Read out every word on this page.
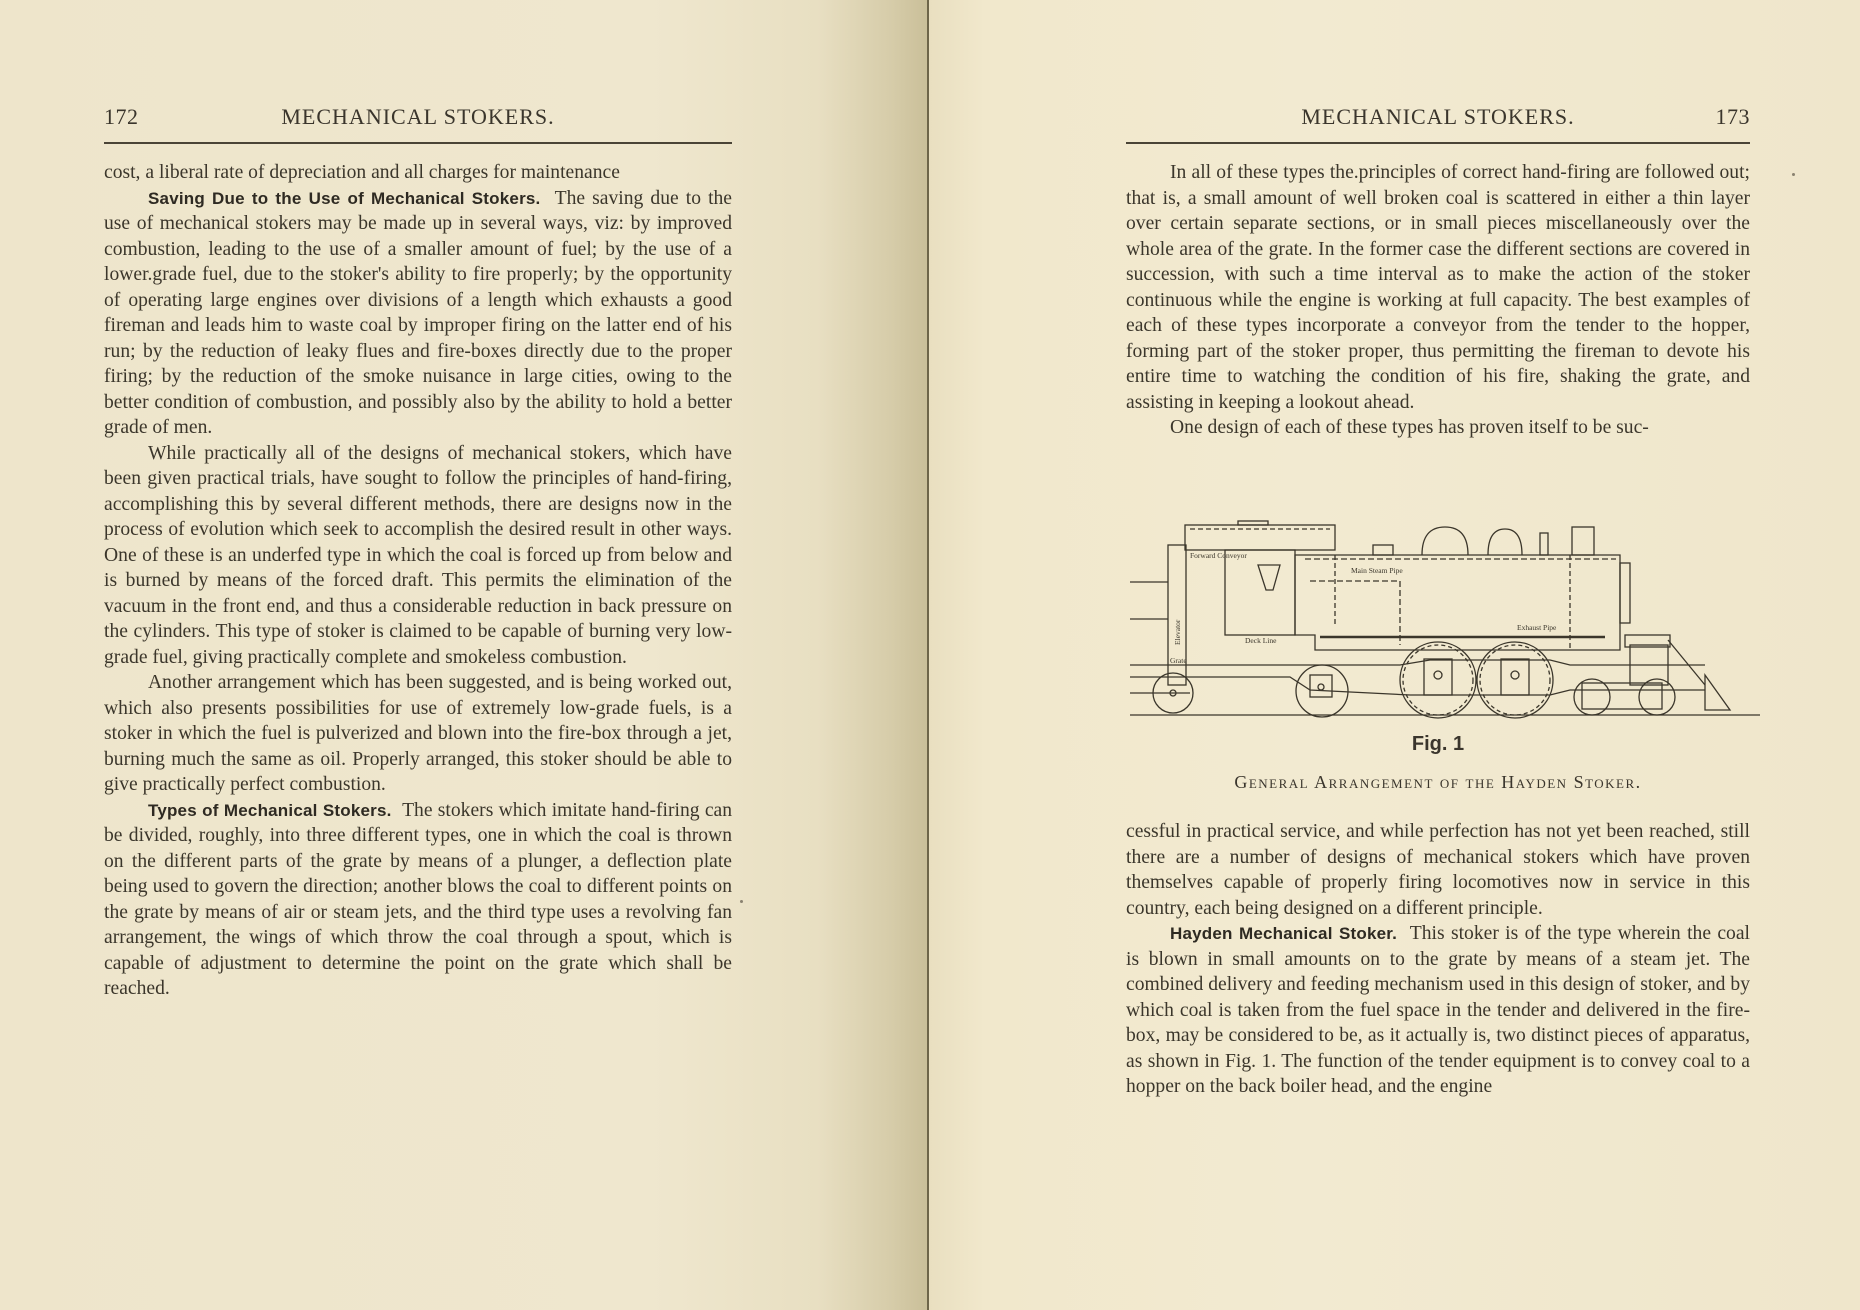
172	MECHANICAL STOKERS.	MECHANICAL STOKERS.	173

cost, a liberal rate of depreciation and all charges for maintenance

Saving Due to the Use of Mechanical Stokers. The saving due to the use of mechanical stokers may be made up in several ways, viz: by improved combustion, leading to the use of a smaller amount of fuel; by the use of a lower.grade fuel, due to the stoker's ability to fire properly; by the opportunity of operating large engines over divisions of a length which exhausts a good fireman and leads him to waste coal by improper firing on the latter end of his run; by the reduction of leaky flues and fire-boxes directly due to the proper firing; by the reduction of the smoke nuisance in large cities, owing to the better condition of combustion, and possibly also by the ability to hold a better grade of men.

While practically all of the designs of mechanical stokers, which have been given practical trials, have sought to follow the principles of hand-firing, accomplishing this by several different methods, there are designs now in the process of evolution which seek to accomplish the desired result in other ways. One of these is an underfed type in which the coal is forced up from below and is burned by means of the forced draft. This permits the elimination of the vacuum in the front end, and thus a considerable reduction in back pressure on the cylinders. This type of stoker is claimed to be capable of burning very low-grade fuel, giving practically complete and smokeless combustion.

Another arrangement which has been suggested, and is being worked out, which also presents possibilities for use of extremely low-grade fuels, is a stoker in which the fuel is pulverized and blown into the fire-box through a jet, burning much the same as oil. Properly arranged, this stoker should be able to give practically perfect combustion.

Types of Mechanical Stokers. The stokers which imitate hand-firing can be divided, roughly, into three different types, one in which the coal is thrown on the different parts of the grate by means of a plunger, a deflection plate being used to govern the direction; another blows the coal to different points on the grate by means of air or steam jets, and the third type uses a revolving fan arrangement, the wings of which throw the coal through a spout, which is capable of adjustment to determine the point on the grate which shall be reached.

In all of these types the.principles of correct hand-firing are followed out; that is, a small amount of well broken coal is scattered in either a thin layer over certain separate sections, or in small pieces miscellaneously over the whole area of the grate. In the former case the different sections are covered in succession, with such a time interval as to make the action of the stoker continuous while the engine is working at full capacity. The best examples of each of these types incorporate a conveyor from the tender to the hopper, forming part of the stoker proper, thus permitting the fireman to devote his entire time to watching the condition of his fire, shaking the grate, and assisting in keeping a lookout ahead.

One design of each of these types has proven itself to be suc-

Forward Conveyor
Main Steam Pipe
Deck Line
Exhaust Pipe
Grate
Elevator
Fig. 1
General Arrangement of the Hayden Stoker.

cessful in practical service, and while perfection has not yet been reached, still there are a number of designs of mechanical stokers which have proven themselves capable of properly firing locomotives now in service in this country, each being designed on a different principle.

Hayden Mechanical Stoker. This stoker is of the type wherein the coal is blown in small amounts on to the grate by means of a steam jet. The combined delivery and feeding mechanism used in this design of stoker, and by which coal is taken from the fuel space in the tender and delivered in the fire-box, may be considered to be, as it actually is, two distinct pieces of apparatus, as shown in Fig. 1. The function of the tender equipment is to convey coal to a hopper on the back boiler head, and the engine
